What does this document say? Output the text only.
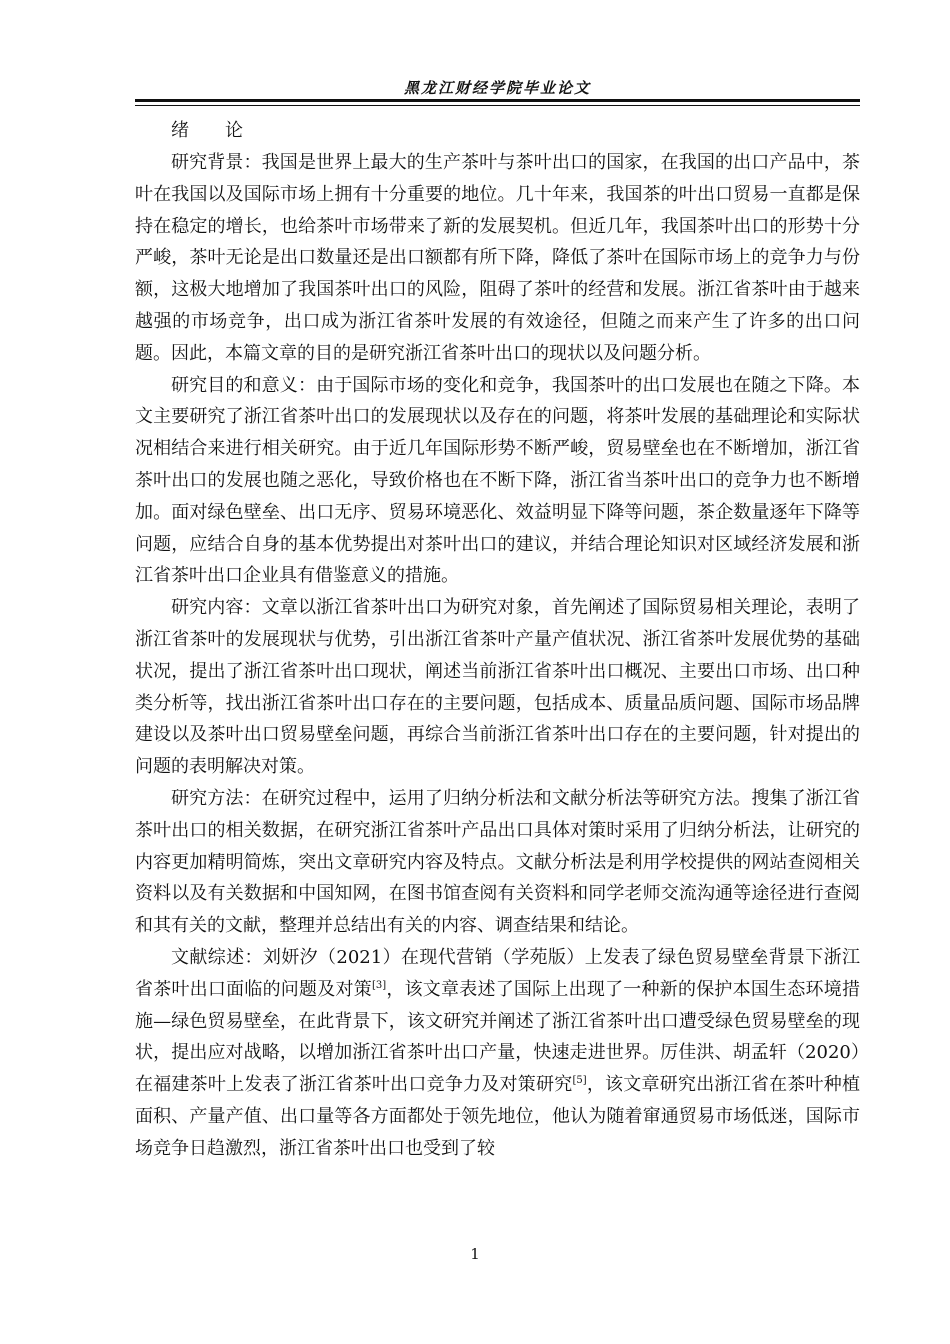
黑龙江财经学院毕业论文

绪 论

研究背景：我国是世界上最大的生产茶叶与茶叶出口的国家，在我国的出口产品中，茶叶在我国以及国际市场上拥有十分重要的地位。几十年来，我国茶的叶出口贸易一直都是保持在稳定的增长，也给茶叶市场带来了新的发展契机。但近几年，我国茶叶出口的形势十分严峻，茶叶无论是出口数量还是出口额都有所下降，降低了茶叶在国际市场上的竞争力与份额，这极大地增加了我国茶叶出口的风险，阻碍了茶叶的经营和发展。浙江省茶叶由于越来越强的市场竞争，出口成为浙江省茶叶发展的有效途径，但随之而来产生了许多的出口问题。因此，本篇文章的目的是研究浙江省茶叶出口的现状以及问题分析。

研究目的和意义：由于国际市场的变化和竞争，我国茶叶的出口发展也在随之下降。本文主要研究了浙江省茶叶出口的发展现状以及存在的问题，将茶叶发展的基础理论和实际状况相结合来进行相关研究。由于近几年国际形势不断严峻，贸易壁垒也在不断增加，浙江省茶叶出口的发展也随之恶化，导致价格也在不断下降，浙江省当茶叶出口的竞争力也不断增加。面对绿色壁垒、出口无序、贸易环境恶化、效益明显下降等问题，茶企数量逐年下降等问题，应结合自身的基本优势提出对茶叶出口的建议，并结合理论知识对区域经济发展和浙江省茶叶出口企业具有借鉴意义的措施。

研究内容：文章以浙江省茶叶出口为研究对象，首先阐述了国际贸易相关理论，表明了浙江省茶叶的发展现状与优势，引出浙江省茶叶产量产值状况、浙江省茶叶发展优势的基础状况，提出了浙江省茶叶出口现状，阐述当前浙江省茶叶出口概况、主要出口市场、出口种类分析等，找出浙江省茶叶出口存在的主要问题，包括成本、质量品质问题、国际市场品牌建设以及茶叶出口贸易壁垒问题，再综合当前浙江省茶叶出口存在的主要问题，针对提出的问题的表明解决对策。

研究方法：在研究过程中，运用了归纳分析法和文献分析法等研究方法。搜集了浙江省茶叶出口的相关数据，在研究浙江省茶叶产品出口具体对策时采用了归纳分析法，让研究的内容更加精明简炼，突出文章研究内容及特点。文献分析法是利用学校提供的网站查阅相关资料以及有关数据和中国知网，在图书馆查阅有关资料和同学老师交流沟通等途径进行查阅和其有关的文献，整理并总结出有关的内容、调查结果和结论。

文献综述：刘妍汐（2021）在现代营销（学苑版）上发表了绿色贸易壁垒背景下浙江省茶叶出口面临的问题及对策[3]，该文章表述了国际上出现了一种新的保护本国生态环境措施—绿色贸易壁垒，在此背景下，该文研究并阐述了浙江省茶叶出口遭受绿色贸易壁垒的现状，提出应对战略，以增加浙江省茶叶出口产量，快速走进世界。厉佳洪、胡孟轩（2020）在福建茶叶上发表了浙江省茶叶出口竞争力及对策研究[5]，该文章研究出浙江省在茶叶种植面积、产量产值、出口量等各方面都处于领先地位，他认为随着窜通贸易市场低迷，国际市场竞争日趋激烈，浙江省茶叶出口也受到了较

1
